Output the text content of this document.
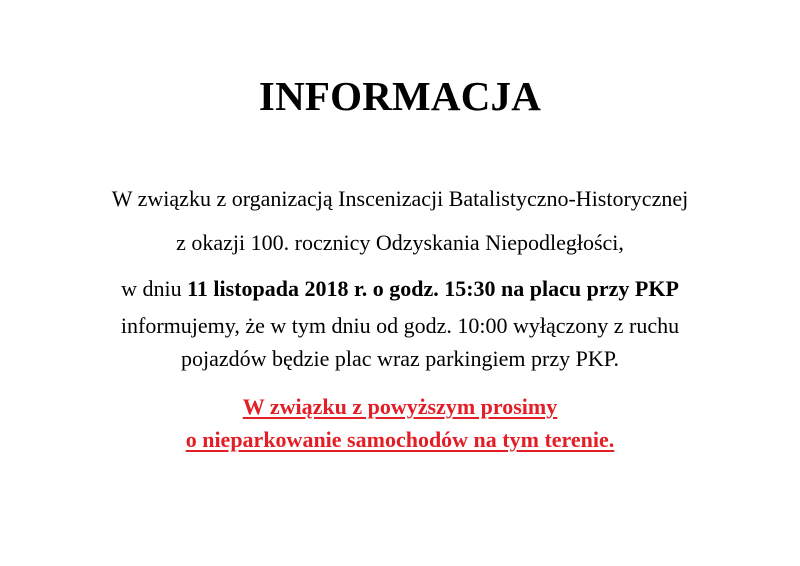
INFORMACJA
W związku z organizacją Inscenizacji Batalistyczno-Historycznej
z okazji 100. rocznicy Odzyskania Niepodległości,
w dniu 11 listopada 2018 r. o godz. 15:30 na placu przy PKP
informujemy, że w tym dniu od godz. 10:00 wyłączony z ruchu
pojazdów będzie plac wraz parkingiem przy PKP.
W związku z powyższym prosimy
o nieparkowanie samochodów na tym terenie.
